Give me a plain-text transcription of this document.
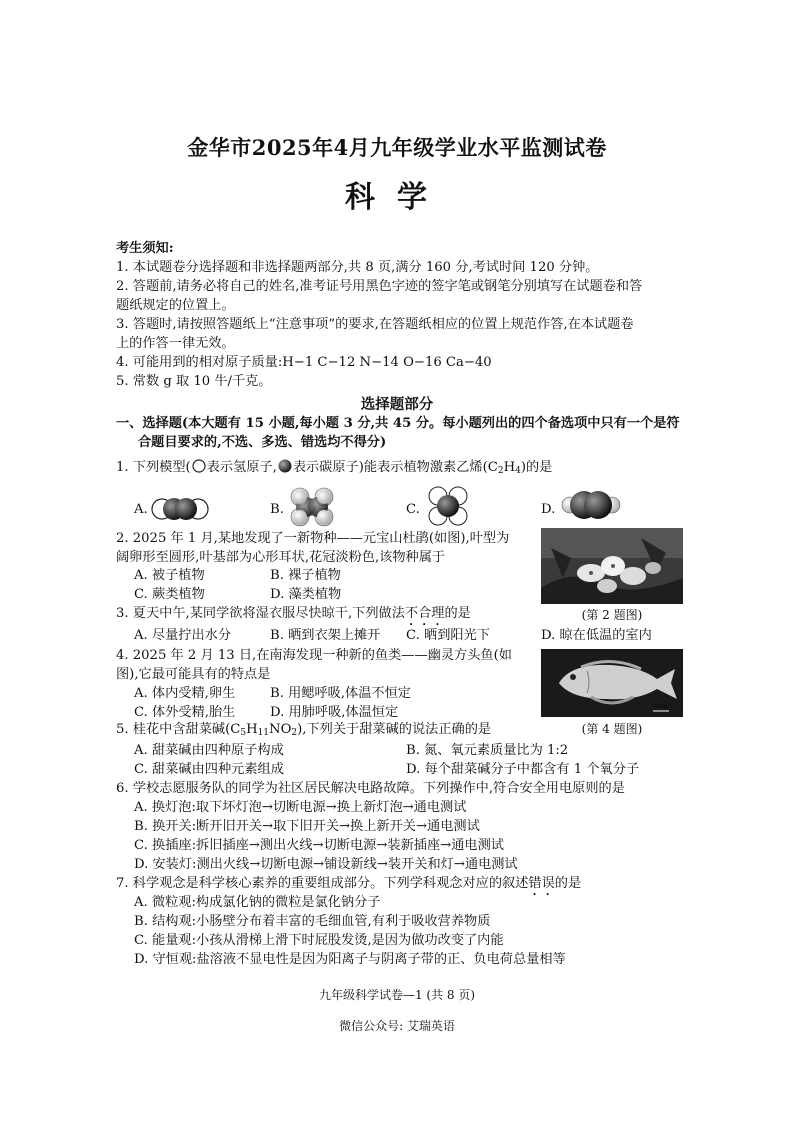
金华市2025年4月九年级学业水平监测试卷
科学
考生须知:
1. 本试题卷分选择题和非选择题两部分,共 8 页,满分 160 分,考试时间 120 分钟。
2. 答题前,请务必将自己的姓名,准考证号用黑色字迹的签字笔或钢笔分别填写在试题卷和答
题纸规定的位置上。
3. 答题时,请按照答题纸上“注意事项”的要求,在答题纸相应的位置上规范作答,在本试题卷
上的作答一律无效。
4. 可能用到的相对原子质量:H−1 C−12 N−14 O−16 Ca−40
5. 常数 g 取 10 牛/千克。
选择题部分
一、选择题(本大题有 15 小题,每小题 3 分,共 45 分。每小题列出的四个备选项中只有一个是符
合题目要求的,不选、多选、错选均不得分)
1. 下列模型( 表示氢原子, 表示碳原子)能表示植物激素乙烯$(C_2H_4)$的是
A.	B.	C.	D.
2. 2025 年 1 月,某地发现了一新物种——元宝山杜鹃(如图),叶型为
阔卵形至圆形,叶基部为心形耳状,花冠淡粉色,该物种属于
A. 被子植物	B. 裸子植物
C. 蕨类植物	D. 藻类植物
(第 2 题图)
3. 夏天中午,某同学欲将湿衣服尽快晾干,下列做法不合理的是
A. 尽量拧出水分	B. 晒到衣架上摊开 C. 晒到阳光下	D. 晾在低温的室内
4. 2025 年 2 月 13 日,在南海发现一种新的鱼类——幽灵方头鱼(如
图),它最可能具有的特点是
A. 体内受精,卵生	B. 用鳃呼吸,体温不恒定
C. 体外受精,胎生	D. 用肺呼吸,体温恒定	5cm
(第 4 题图)
5. 桂花中含甜菜碱$(C_5H_{11}NO_2)$,下列关于甜菜碱的说法正确的是
A. 甜菜碱由四种原子构成	B. 氮、氧元素质量比为 1:2
C. 甜菜碱由四种元素组成	D. 每个甜菜碱分子中都含有 1 个氧分子
6. 学校志愿服务队的同学为社区居民解决电路故障。下列操作中,符合安全用电原则的是
A. 换灯泡:取下坏灯泡→切断电源→换上新灯泡→通电测试
B. 换开关:断开旧开关→取下旧开关→换上新开关→通电测试
C. 换插座:拆旧插座→测出火线→切断电源→装新插座→通电测试
D. 安装灯:测出火线→切断电源→铺设新线→装开关和灯→通电测试
7. 科学观念是科学核心素养的重要组成部分。下列学科观念对应的叙述错误的是
A. 微粒观:构成氯化钠的微粒是氯化钠分子
B. 结构观:小肠壁分布着丰富的毛细血管,有利于吸收营养物质
C. 能量观:小孩从滑梯上滑下时屁股发烫,是因为做功改变了内能
D. 守恒观:盐溶液不显电性是因为阳离子与阴离子带的正、负电荷总量相等
九年级科学试卷—1 (共 8 页)
微信公众号: 艾瑞英语
